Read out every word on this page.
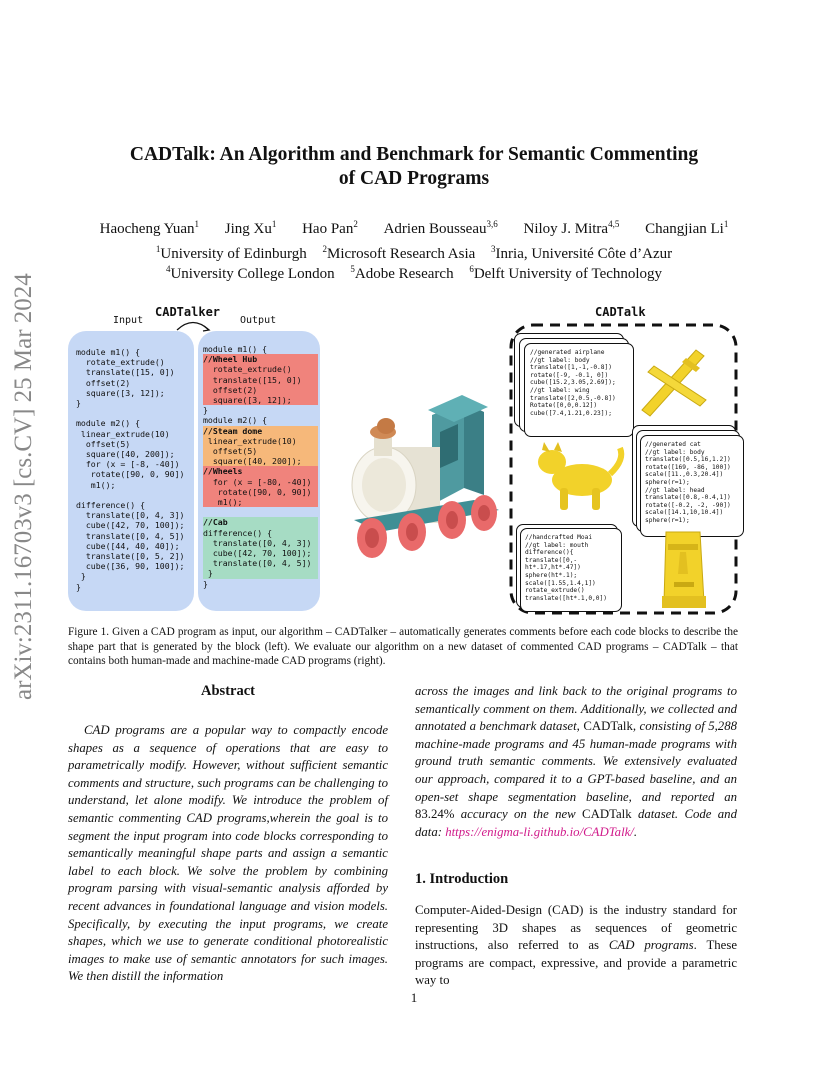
arXiv:2311.16703v3 [cs.CV] 25 Mar 2024
CADTalk: An Algorithm and Benchmark for Semantic Commenting
of CAD Programs
Haocheng Yuan$^1$ Jing Xu$^1$ Hao Pan$^2$ Adrien Bousseau$^{3,6}$ Niloy J. Mitra$^{4,5}$ Changjian Li$^1$
$^1$University of Edinburgh $^2$Microsoft Research Asia $^3$Inria, Université Côte d’Azur
$^4$University College London $^5$Adobe Research $^6$Delft University of Technology
CADTalker
Input	Output
module m1() {
rotate_extrude()
translate([15, 0])
offset(2)
square([3, 12]);
}

module m2() {
linear_extrude(10)
offset(5)
square([40, 200]);
for (x = [-8, -40])
rotate([90, 0, 90])
m1();

difference() {
translate([0, 4, 3])
cube([42, 70, 100]);
translate([0, 4, 5])
cube([44, 40, 40]);
translate([0, 5, 2])
cube([36, 90, 100]);
}
}
module m1() {
//Wheel Hub
rotate_extrude()
translate([15, 0])
offset(2)
square([3, 12]);
}
module m2() {
//Steam dome
linear_extrude(10)
offset(5)
square([40, 200]);
//Wheels
for (x = [-80, -40])
rotate([90, 0, 90])
m1();

//Cab
difference() {
translate([0, 4, 3])
cube([42, 70, 100]);
translate([0, 4, 5])
}
}
CADTalk
//generated airplane
//gt label: body
translate([1,-1,-0.8])
rotate([-9, -0.1, 0])
cube([15.2,3.05,2.69]);
//gt label: wing
translate([2,0.5,-0.8])
Rotate([0,0,0.12])
cube([7.4,1.21,0.23]);
//generated cat
//gt label: body
translate([0.5,16,1.2])
rotate([169, -86, 100])
scale([11.,0.3,20.4])
sphere(r=1);
//gt label: head
translate([0.8,-0.4,1])
rotate([-0.2, -2, -90])
scale([14.1,10,10.4])
sphere(r=1);
//handcrafted Moai
//gt label: mouth
difference(){
translate([0,-
ht*.17,ht*.47])
sphere(ht*.1);
scale([1.55,1.4,1])
rotate_extrude()
translate([ht*.1,0,0])
Figure 1. Given a CAD program as input, our algorithm – CADTalker – automatically generates comments before each code blocks to describe the shape part that is generated by the block (left). We evaluate our algorithm on a new dataset of commented CAD programs – CADTalk – that contains both human-made and machine-made CAD programs (right).
Abstract
CAD programs are a popular way to compactly encode shapes as a sequence of operations that are easy to parametrically modify. However, without sufficient semantic comments and structure, such programs can be challenging to understand, let alone modify. We introduce the problem of semantic commenting CAD programs,wherein the goal is to segment the input program into code blocks corresponding to semantically meaningful shape parts and assign a semantic label to each block. We solve the problem by combining program parsing with visual-semantic analysis afforded by recent advances in foundational language and vision models. Specifically, by executing the input programs, we create shapes, which we use to generate conditional photorealistic images to make use of semantic annotators for such images. We then distill the information
across the images and link back to the original programs to semantically comment on them. Additionally, we collected and annotated a benchmark dataset, CADTalk, consisting of 5,288 machine-made programs and 45 human-made programs with ground truth semantic comments. We extensively evaluated our approach, compared it to a GPT-based baseline, and an open-set shape segmentation baseline, and reported an 83.24% accuracy on the new CADTalk dataset. Code and data: https://enigma-li.github.io/CADTalk/.
1. Introduction
Computer-Aided-Design (CAD) is the industry standard for representing 3D shapes as sequences of geometric instructions, also referred to as CAD programs. These programs are compact, expressive, and provide a parametric way to
1
